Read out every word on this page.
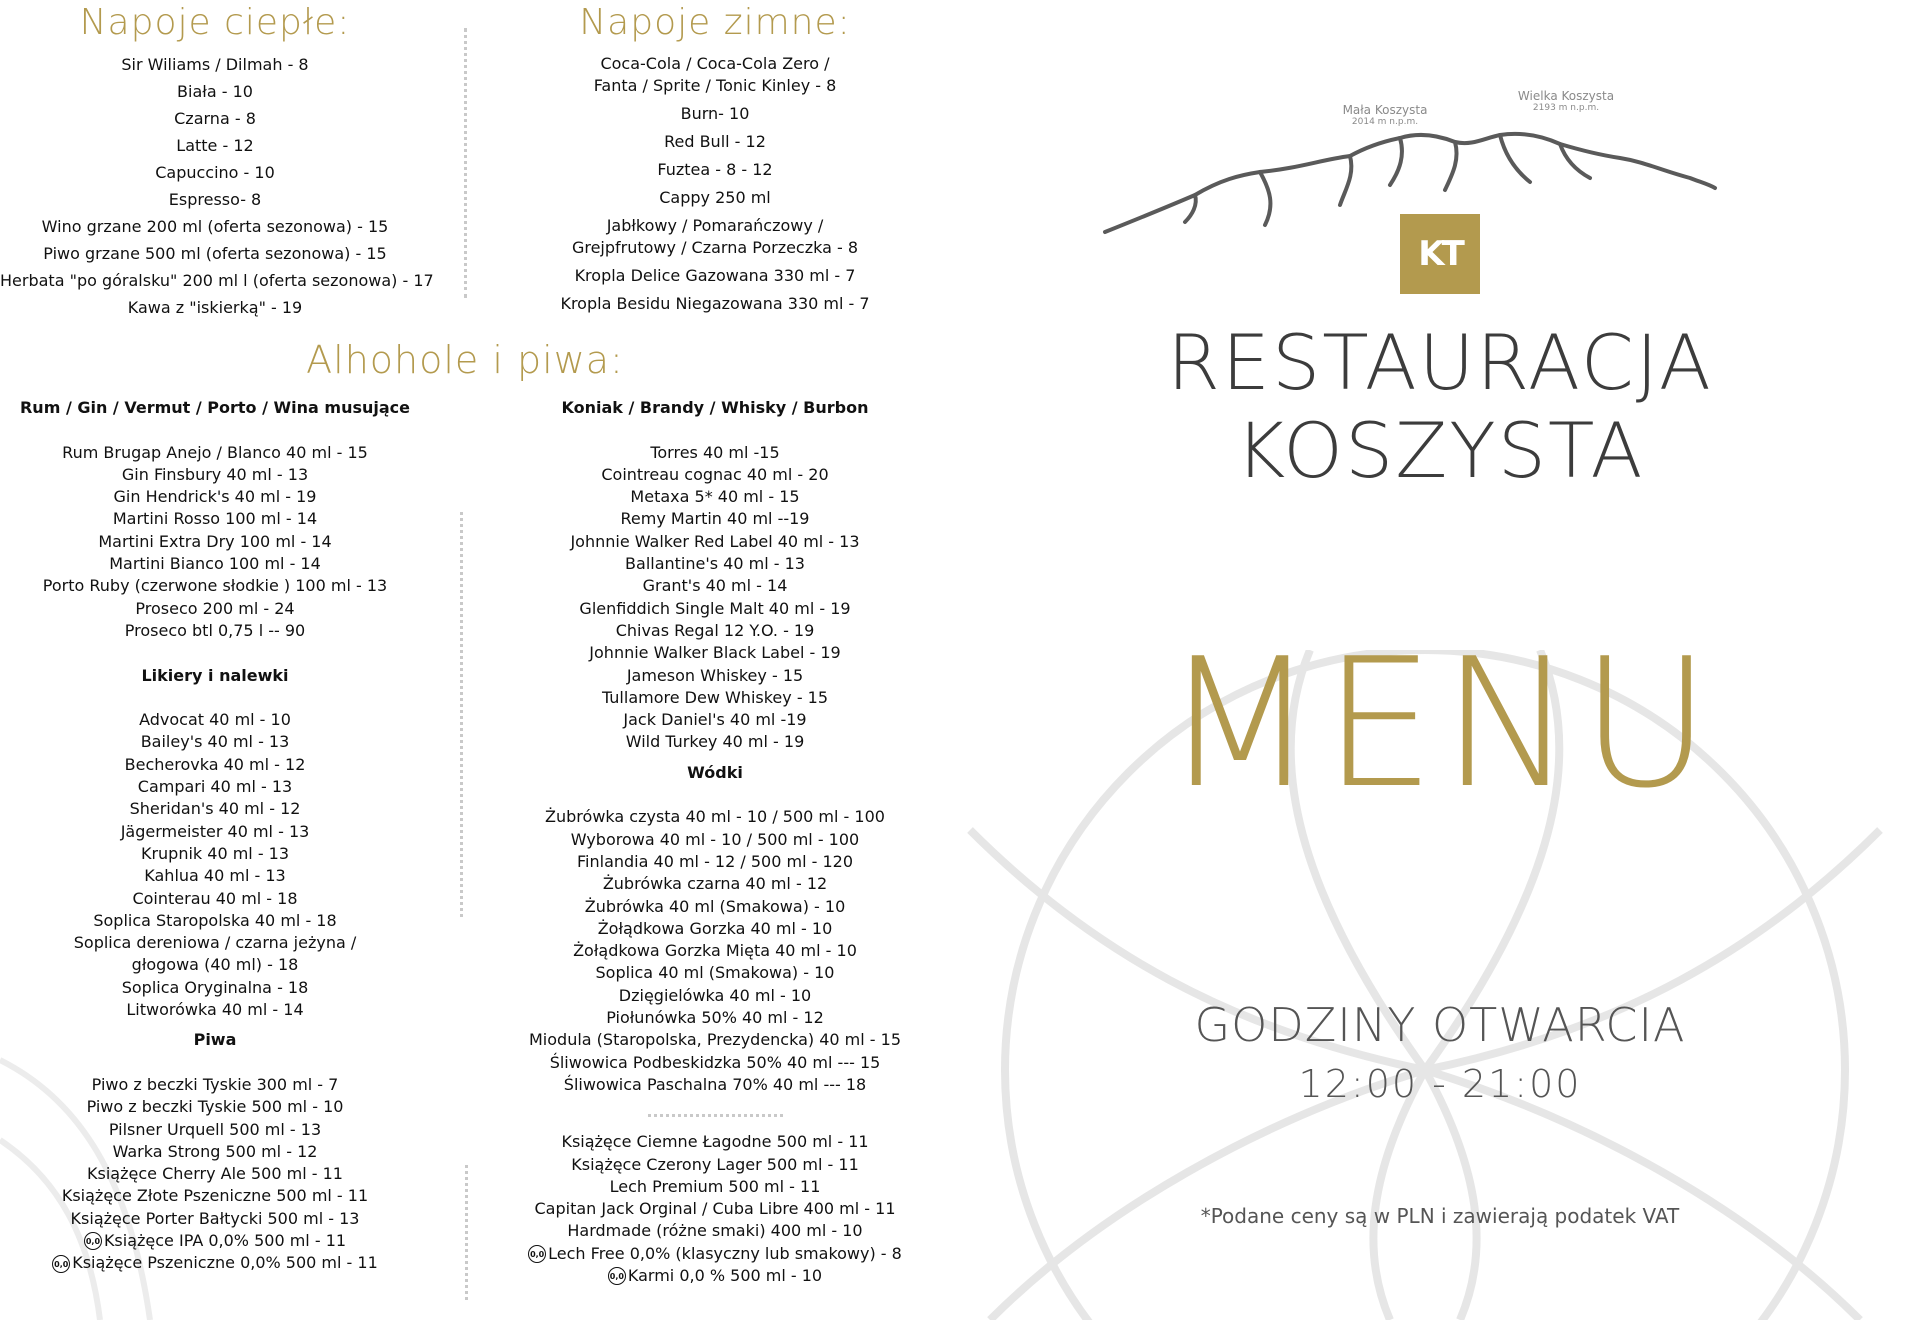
Napoje ciepłe:

Sir Wiliams / Dilmah - 8

Biała - 10

Czarna - 8

Latte - 12

Capuccino - 10

Espresso- 8

Wino grzane 200 ml (oferta sezonowa) - 15

Piwo grzane 500 ml (oferta sezonowa) - 15

Herbata "po góralsku" 200 ml l (oferta sezonowa) - 17

Kawa z "iskierką" - 19

Napoje zimne:

Coca-Cola / Coca-Cola Zero /

Fanta / Sprite / Tonic Kinley - 8

Burn- 10

Red Bull - 12

Fuztea - 8 - 12

Cappy 250 ml

Jabłkowy / Pomarańczowy /

Grejpfrutowy / Czarna Porzeczka - 8

Kropla Delice Gazowana 330 ml - 7

Kropla Besidu Niegazowana 330 ml - 7

Alhohole i piwa:

Rum / Gin / Vermut / Porto / Wina musujące

Rum Brugap Anejo / Blanco 40 ml - 15

Gin Finsbury 40 ml - 13

Gin Hendrick's 40 ml - 19

Martini Rosso 100 ml - 14

Martini Extra Dry 100 ml - 14

Martini Bianco 100 ml - 14

Porto Ruby (czerwone słodkie ) 100 ml - 13

Proseco 200 ml - 24

Proseco btl 0,75 l -- 90

Likiery i nalewki

Advocat 40 ml - 10

Bailey's 40 ml - 13

Becherovka 40 ml - 12

Campari 40 ml - 13

Sheridan's 40 ml - 12

Jägermeister 40 ml - 13

Krupnik 40 ml - 13

Kahlua 40 ml - 13

Cointerau 40 ml - 18

Soplica Staropolska 40 ml - 18

Soplica dereniowa / czarna jeżyna /

głogowa (40 ml) - 18

Soplica Oryginalna - 18

Litworówka 40 ml - 14

Piwa

Piwo z beczki Tyskie 300 ml - 7

Piwo z beczki Tyskie 500 ml - 10

Pilsner Urquell 500 ml - 13

Warka Strong 500 ml - 12

Książęce Cherry Ale 500 ml - 11

Książęce Złote Pszeniczne 500 ml - 11

Książęce Porter Bałtycki 500 ml - 13

0,0 Książęce IPA 0,0% 500 ml - 11

0,0 Książęce Pszeniczne 0,0% 500 ml - 11

Koniak / Brandy / Whisky / Burbon

Torres 40 ml -15

Cointreau cognac 40 ml - 20

Metaxa 5* 40 ml - 15

Remy Martin 40 ml --19

Johnnie Walker Red Label 40 ml - 13

Ballantine's 40 ml - 13

Grant's 40 ml - 14

Glenfiddich Single Malt 40 ml - 19

Chivas Regal 12 Y.O. - 19

Johnnie Walker Black Label - 19

Jameson Whiskey - 15

Tullamore Dew Whiskey - 15

Jack Daniel's 40 ml -19

Wild Turkey 40 ml - 19

Wódki

Żubrówka czysta 40 ml - 10 / 500 ml - 100

Wyborowa 40 ml - 10 / 500 ml - 100

Finlandia 40 ml - 12 / 500 ml - 120

Żubrówka czarna 40 ml - 12

Żubrówka 40 ml (Smakowa) - 10

Żołądkowa Gorzka 40 ml - 10

Żołądkowa Gorzka Mięta 40 ml - 10

Soplica 40 ml (Smakowa) - 10

Dzięgielówka 40 ml - 10

Piołunówka 50% 40 ml - 12

Miodula (Staropolska, Prezydencka) 40 ml - 15

Śliwowica Podbeskidzka 50% 40 ml --- 15

Śliwowica Paschalna 70% 40 ml --- 18

Książęce Ciemne Łagodne 500 ml - 11

Książęce Czerony Lager 500 ml - 11

Lech Premium 500 ml - 11

Capitan Jack Orginal / Cuba Libre 400 ml - 11

Hardmade (różne smaki) 400 ml - 10

0,0 Lech Free 0,0% (klasyczny lub smakowy) - 8

0,0 Karmi 0,0 % 500 ml - 10

Mała Koszysta
2014 m n.p.m.
Wielka Koszysta
2193 m n.p.m.
KT
RESTAURACJA
KOSZYSTA
MENU
GODZINY OTWARCIA
12:00 - 21:00
*Podane ceny są w PLN i zawierają podatek VAT
